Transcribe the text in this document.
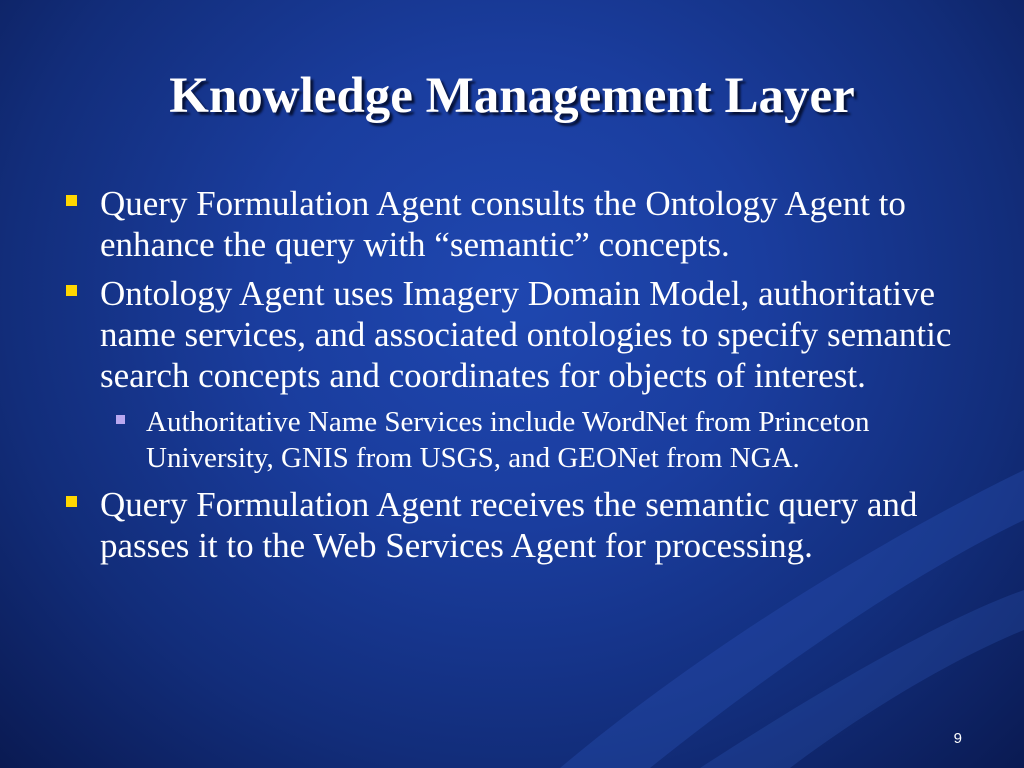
Knowledge Management Layer
Query Formulation Agent consults the Ontology Agent to enhance the query with “semantic” concepts.
Ontology Agent uses Imagery Domain Model, authoritative name services, and associated ontologies to specify semantic search concepts and coordinates for objects of interest.
Authoritative Name Services include WordNet from Princeton University, GNIS from USGS, and GEONet from NGA.
Query Formulation Agent receives the semantic query and passes it to the Web Services Agent for processing.
9
